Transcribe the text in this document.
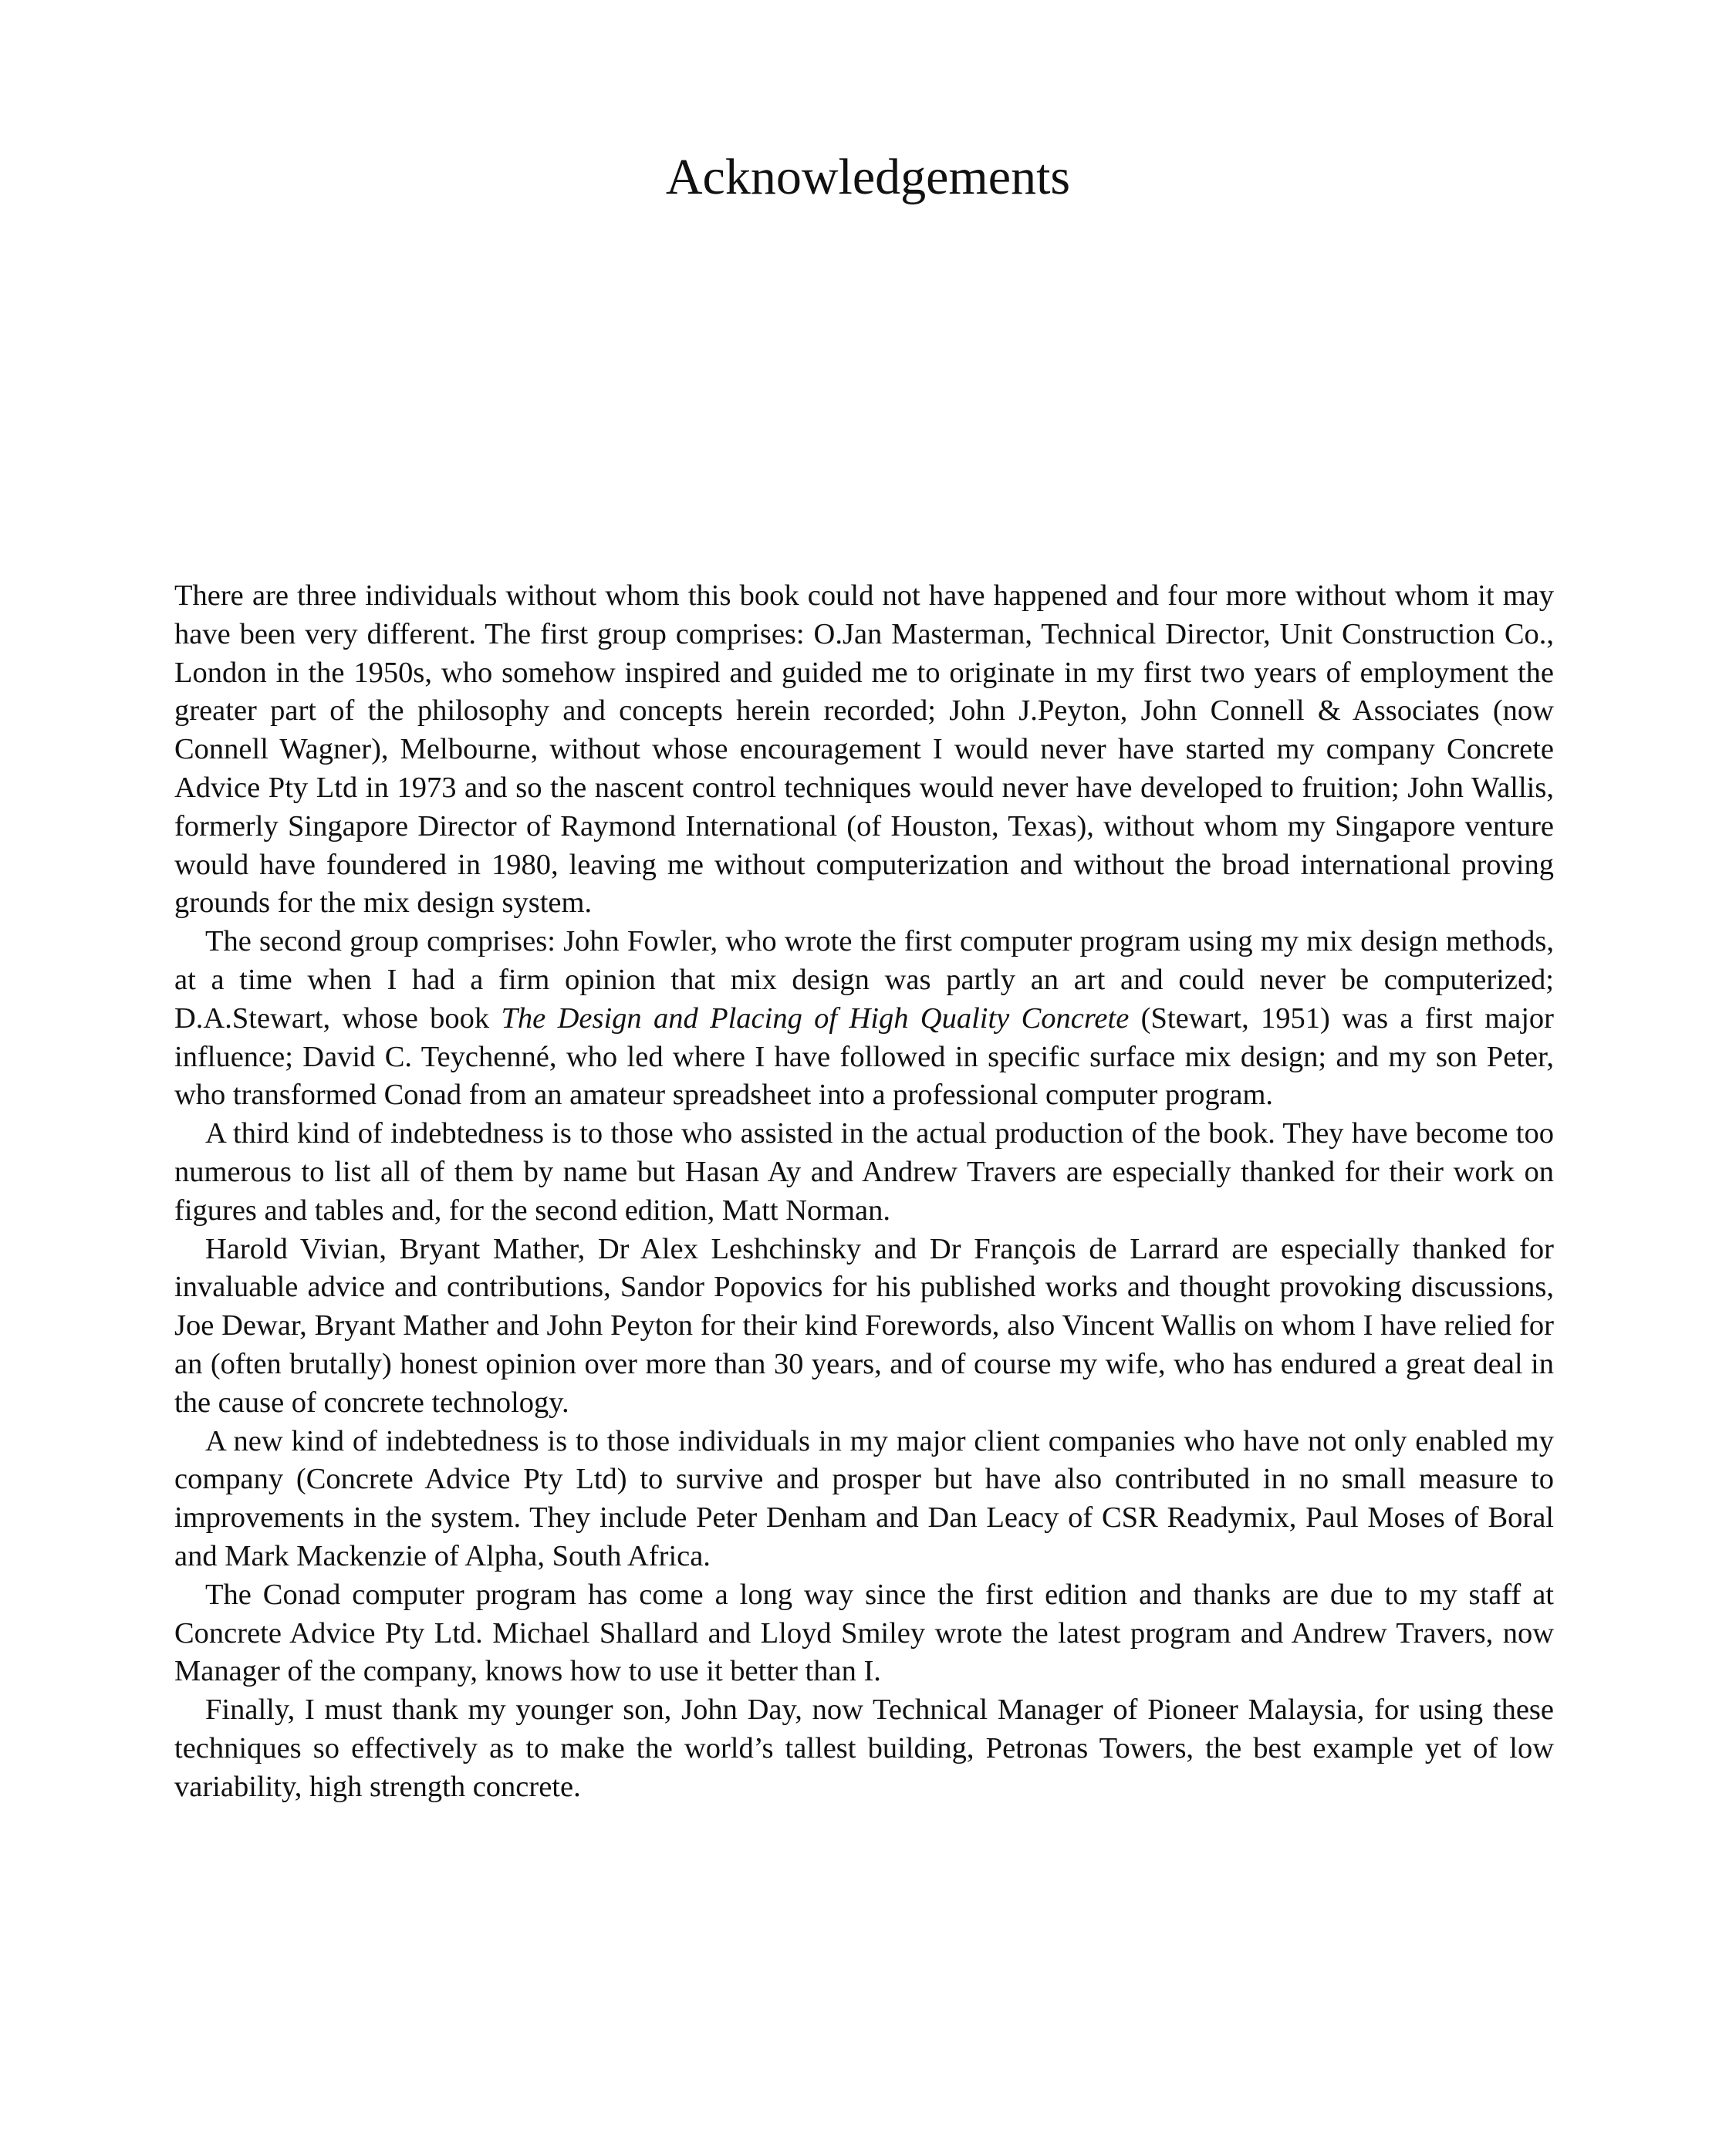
Acknowledgements

There are three individuals without whom this book could not have happened and four more without whom it may have been very different. The first group comprises: O.Jan Masterman, Technical Director, Unit Construction Co., London in the 1950s, who somehow inspired and guided me to originate in my first two years of employment the greater part of the philosophy and concepts herein recorded; John J.Peyton, John Connell & Associates (now Connell Wagner), Melbourne, without whose encouragement I would never have started my company Concrete Advice Pty Ltd in 1973 and so the nascent control techniques would never have developed to fruition; John Wallis, formerly Singapore Director of Raymond International (of Houston, Texas), without whom my Singapore venture would have foundered in 1980, leaving me without computerization and without the broad international proving grounds for the mix design system.

The second group comprises: John Fowler, who wrote the first computer program using my mix design methods, at a time when I had a firm opinion that mix design was partly an art and could never be computerized; D.A.Stewart, whose book The Design and Placing of High Quality Concrete (Stewart, 1951) was a first major influence; David C. Teychenné, who led where I have followed in specific surface mix design; and my son Peter, who transformed Conad from an amateur spreadsheet into a professional computer program.

A third kind of indebtedness is to those who assisted in the actual production of the book. They have become too numerous to list all of them by name but Hasan Ay and Andrew Travers are especially thanked for their work on figures and tables and, for the second edition, Matt Norman.

Harold Vivian, Bryant Mather, Dr Alex Leshchinsky and Dr François de Larrard are especially thanked for invaluable advice and contributions, Sandor Popovics for his published works and thought provoking discussions, Joe Dewar, Bryant Mather and John Peyton for their kind Forewords, also Vincent Wallis on whom I have relied for an (often brutally) honest opinion over more than 30 years, and of course my wife, who has endured a great deal in the cause of concrete technology.

A new kind of indebtedness is to those individuals in my major client companies who have not only enabled my company (Concrete Advice Pty Ltd) to survive and prosper but have also contributed in no small measure to improvements in the system. They include Peter Denham and Dan Leacy of CSR Readymix, Paul Moses of Boral and Mark Mackenzie of Alpha, South Africa.

The Conad computer program has come a long way since the first edition and thanks are due to my staff at Concrete Advice Pty Ltd. Michael Shallard and Lloyd Smiley wrote the latest program and Andrew Travers, now Manager of the company, knows how to use it better than I.

Finally, I must thank my younger son, John Day, now Technical Manager of Pioneer Malaysia, for using these techniques so effectively as to make the world’s tallest building, Petronas Towers, the best example yet of low variability, high strength concrete.
